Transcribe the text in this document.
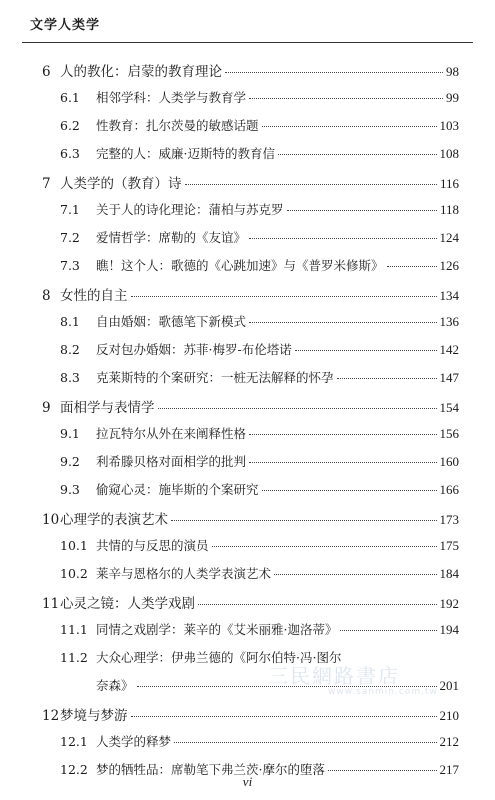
文学人类学
6 人的教化：启蒙的教育理论	98
6.1	相邻学科：人类学与教育学	99
6.2	性教育：扎尔茨曼的敏感话题	103
6.3	完整的人：威廉·迈斯特的教育信	108
7 人类学的（教育）诗	116
7.1	关于人的诗化理论：蒲柏与苏克罗	118
7.2	爱情哲学：席勒的《友谊》	124
7.3	瞧！这个人：歌德的《心跳加速》与《普罗米修斯》	126
8 女性的自主	134
8.1	自由婚姻：歌德笔下新模式	136
8.2	反对包办婚姻：苏菲·梅罗-布伦塔诺	142
8.3	克莱斯特的个案研究：一桩无法解释的怀孕	147
9 面相学与表情学	154
9.1	拉瓦特尔从外在来阐释性格	156
9.2	利希滕贝格对面相学的批判	160
9.3	偷窥心灵：施毕斯的个案研究	166
10 心理学的表演艺术	173
10.1 共情的与反思的演员	175
10.2 莱辛与恩格尔的人类学表演艺术	184
11 心灵之镜：人类学戏剧	192
11.1 同情之戏剧学：莱辛的《艾米丽雅·迦洛蒂》	194
11.2 大众心理学：伊弗兰德的《阿尔伯特·冯·图尔
奈森》	201
12 梦境与梦游	210
12.1 人类学的释梦	212
12.2 梦的牺牲品：席勒笔下弗兰茨·摩尔的堕落	217
三民網路書店
www.sanmin.com.tw
vi
